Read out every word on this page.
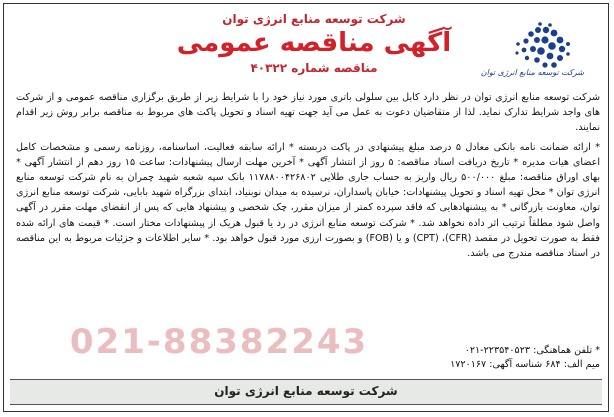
شرکت توسعه منابع انرژی توان
شرکت توسعه منابع انرژی توان
آگهی مناقصه عمومی
مناقصه شماره ۴۰۳۲۲

شرکت توسعه منابع انرژی توان در نظر دارد کابل بین سلولی باتری مورد نیاز خود را با شرایط زیر از طریق برگزاری مناقصه عمومی و از شرکت های واجد شرایط تدارک نماید. لذا از متقاضیان دعوت به عمل می آید جهت تهیه اسناد و تحویل پاکت های مربوط به مناقصه برابر روش زیر اقدام نمایند.

* ارائه ضمانت نامه بانکی معادل ۵ درصد مبلغ پیشنهادی در پاکت دربسته * ارائه سابقه فعالیت، اساسنامه، روزنامه رسمی و مشخصات کامل اعضای هیات مدیره * تاریخ دریافت اسناد مناقصه: ۵ روز از انتشار آگهی * آخرین مهلت ارسال پیشنهادات: ساعت ۱۵ روز دهم از انتشار آگهی * بهای اوراق مناقصه: مبلغ ۵۰۰/۰۰۰ ریال واریز به حساب جاری طلایی ۱۱۷۸۸۰۰۴۲۶۸۰۲ بانک سپه شعبه شهید چمران به نام شرکت توسعه منابع انرژی توان * محل تهیه اسناد و تحویل پیشنهادات: خیابان پاسداران، نرسیده به میدان نوبنیاد، ابتدای بزرگراه شهید بابایی، شرکت توسعه منابع انرژی توان، معاونت بازرگانی * به پیشنهادهایی که فاقد سپرده کمتر از میزان مقرر، چک شخصی و پیشنهاد هایی که پس از انقضای مهلت مقرر در آگهی واصل شود مطلقاً ترتیب اثر داده نخواهد شد. * شرکت توسعه منابع انرژی در رد یا قبول هریک از پیشنهادات مختار است. * قیمت های ارائه شده فقط به صورت تحویل در مقصد (CFR)، (CPT) و یا (FOB) و بصورت ارزی مورد قبول خواهد بود. * سایر اطلاعات و جزئیات مربوط به این مناقصه در اسناد مناقصه مندرج می باشد.

021-88382243	* تلفن هماهنگی: ۲۲۳۵۴۰۵۲۳-۰۲۱

میم الف: ۶۸۴ شناسه آگهی: ۱۷۲۰۱۶۷

شرکت توسعه منابع انرژی توان
